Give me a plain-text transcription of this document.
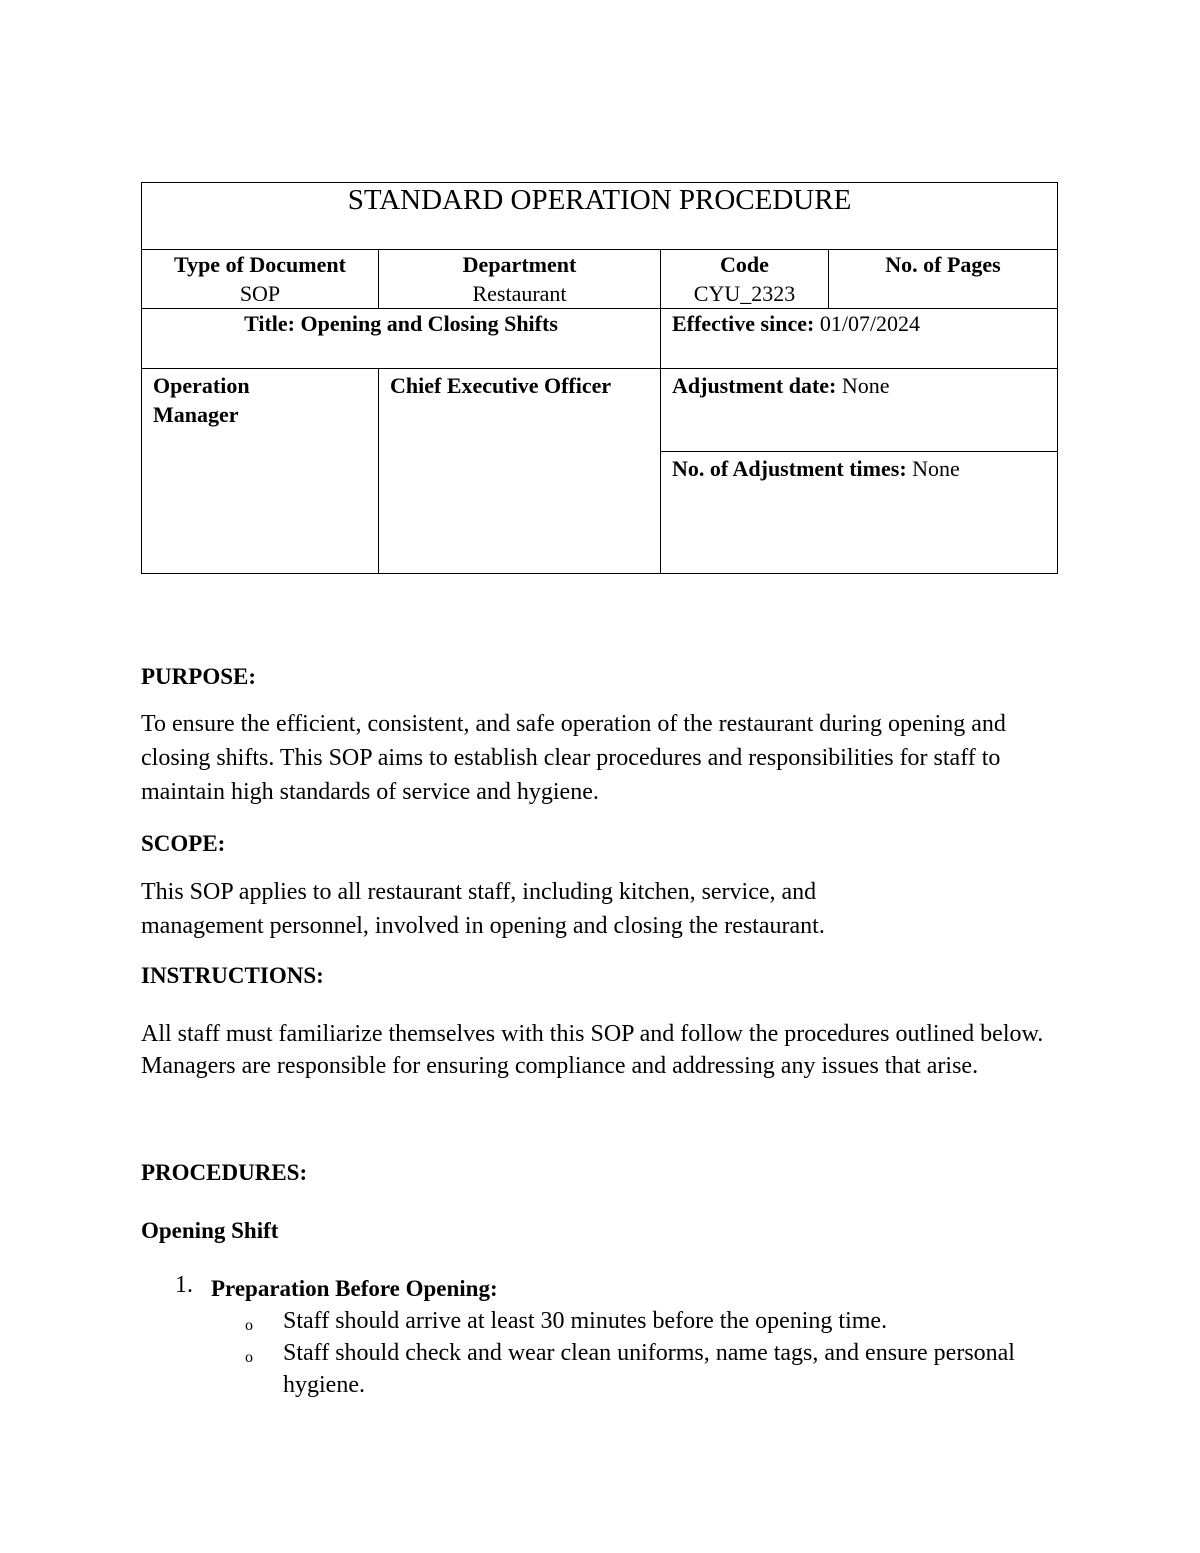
STANDARD OPERATION PROCEDURE
Type of Document
SOP
Department
Restaurant
Code
CYU_2323
No. of Pages
Title: Opening and Closing Shifts	Effective since: 01/07/2024
Operation Manager
Chief Executive Officer	Adjustment date: None
No. of Adjustment times: None
PURPOSE:

To ensure the efficient, consistent, and safe operation of the restaurant during opening and closing shifts. This SOP aims to establish clear procedures and responsibilities for staff to maintain high standards of service and hygiene.

SCOPE:

This SOP applies to all restaurant staff, including kitchen, service, and management personnel, involved in opening and closing the restaurant.

INSTRUCTIONS:

All staff must familiarize themselves with this SOP and follow the procedures outlined below. Managers are responsible for ensuring compliance and addressing any issues that arise.

PROCEDURES:
Opening Shift
1. Preparation Before Opening:
o Staff should arrive at least 30 minutes before the opening time.
o Staff should check and wear clean uniforms, name tags, and ensure personal hygiene.
